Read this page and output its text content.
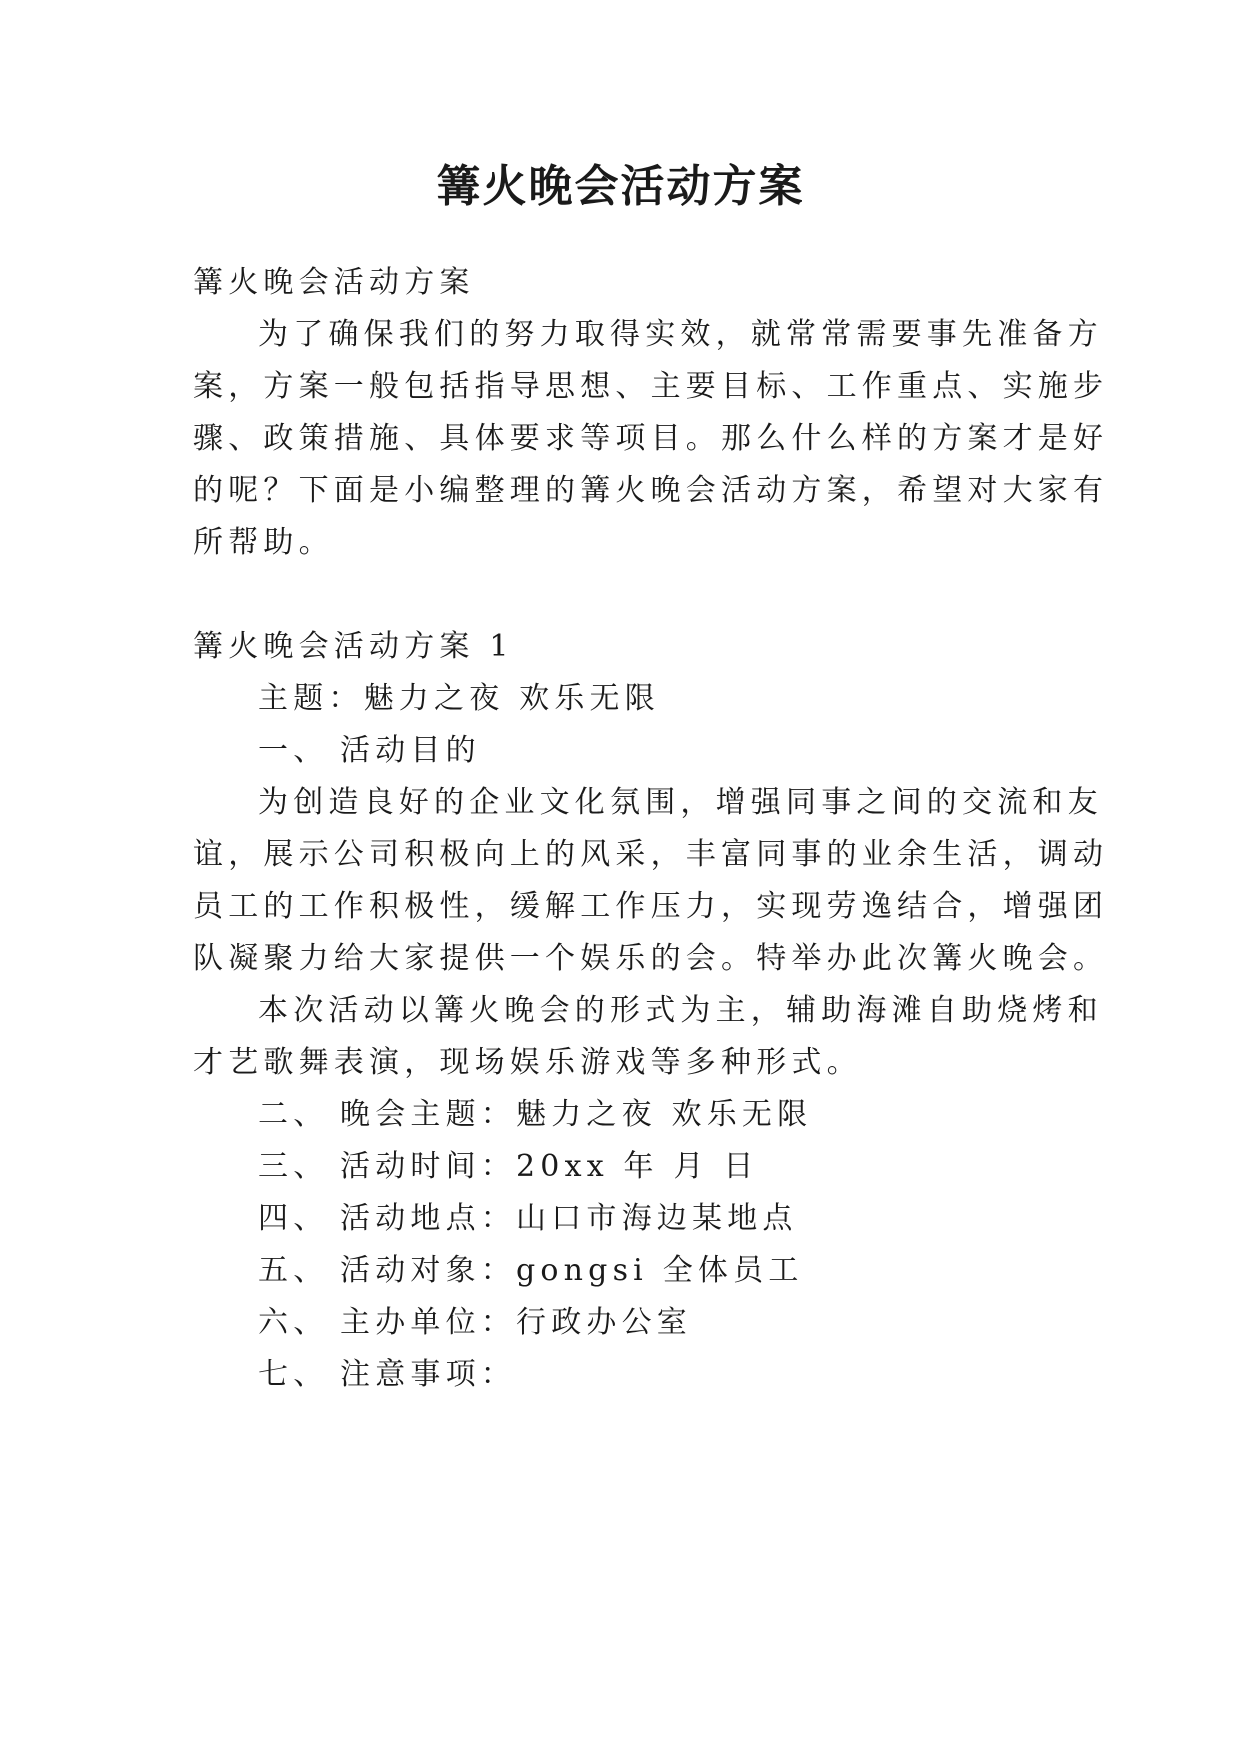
篝火晚会活动方案
篝火晚会活动方案
为了确保我们的努力取得实效，就常常需要事先准备方
案，方案一般包括指导思想、主要目标、工作重点、实施步
骤、政策措施、具体要求等项目。那么什么样的方案才是好
的呢？下面是小编整理的篝火晚会活动方案，希望对大家有
所帮助。
篝火晚会活动方案 1
主题：魅力之夜 欢乐无限
一、 活动目的
为创造良好的企业文化氛围，增强同事之间的交流和友
谊，展示公司积极向上的风采，丰富同事的业余生活，调动
员工的工作积极性，缓解工作压力，实现劳逸结合，增强团
队凝聚力给大家提供一个娱乐的会。特举办此次篝火晚会。
本次活动以篝火晚会的形式为主，辅助海滩自助烧烤和
才艺歌舞表演，现场娱乐游戏等多种形式。
二、 晚会主题：魅力之夜 欢乐无限
三、 活动时间：20xx 年 月 日
四、 活动地点：山口市海边某地点
五、 活动对象：gongsi 全体员工
六、 主办单位：行政办公室
七、 注意事项：
